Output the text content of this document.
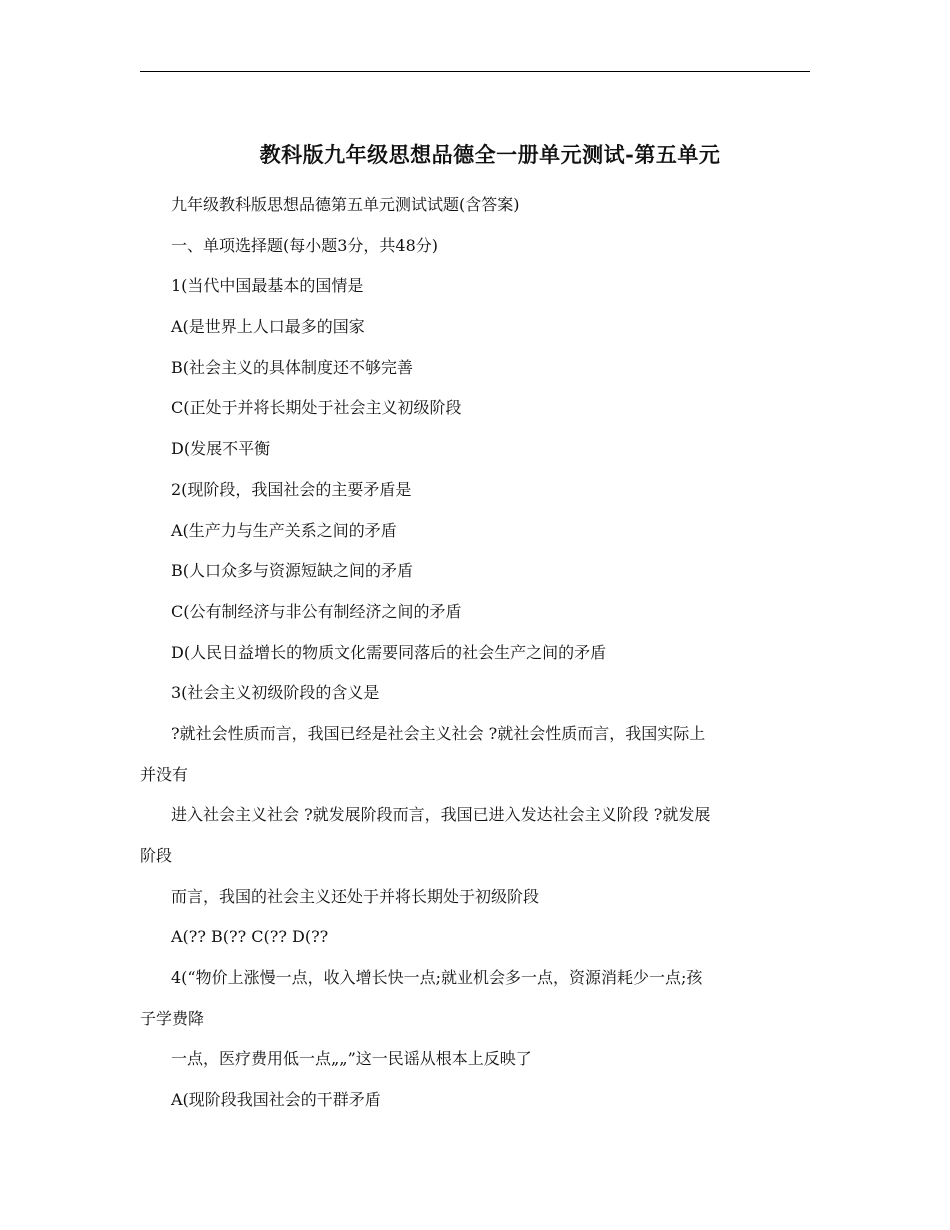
教科版九年级思想品德全一册单元测试-第五单元
九年级教科版思想品德第五单元测试试题(含答案)
一、单项选择题(每小题3分，共48分)
1(当代中国最基本的国情是
A(是世界上人口最多的国家
B(社会主义的具体制度还不够完善
C(正处于并将长期处于社会主义初级阶段
D(发展不平衡
2(现阶段，我国社会的主要矛盾是
A(生产力与生产关系之间的矛盾
B(人口众多与资源短缺之间的矛盾
C(公有制经济与非公有制经济之间的矛盾
D(人民日益增长的物质文化需要同落后的社会生产之间的矛盾
3(社会主义初级阶段的含义是
?就社会性质而言，我国已经是社会主义社会 ?就社会性质而言，我国实际上
并没有
进入社会主义社会 ?就发展阶段而言，我国已进入发达社会主义阶段 ?就发展
阶段
而言，我国的社会主义还处于并将长期处于初级阶段
A(?? B(?? C(?? D(??
4(“物价上涨慢一点，收入增长快一点;就业机会多一点，资源消耗少一点;孩
子学费降
一点，医疗费用低一点„„”这一民谣从根本上反映了
A(现阶段我国社会的干群矛盾
